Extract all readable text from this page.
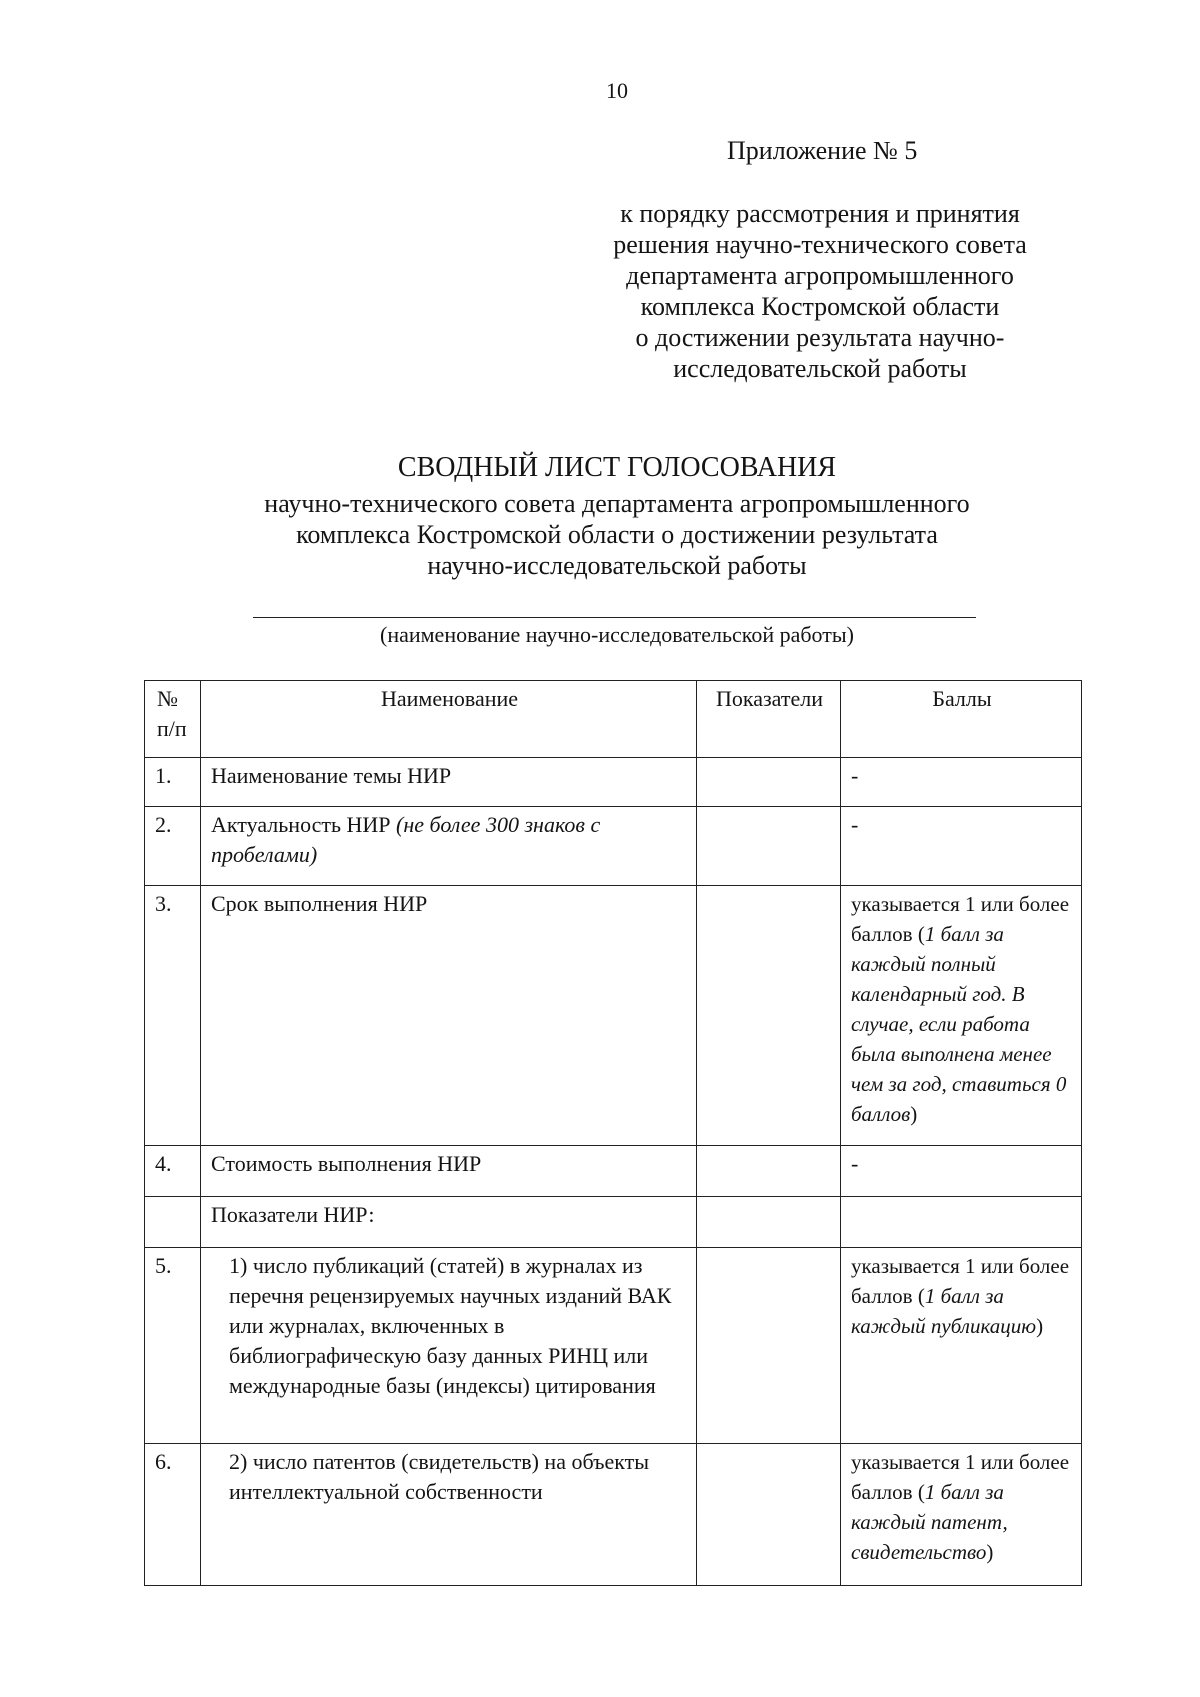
10
Приложение № 5
к порядку рассмотрения и принятия
решения научно-технического совета
департамента агропромышленного
комплекса Костромской области
о достижении результата научно-
исследовательской работы
СВОДНЫЙ ЛИСТ ГОЛОСОВАНИЯ
научно-технического совета департамента агропромышленного
комплекса Костромской области о достижении результата
научно-исследовательской работы
(наименование научно-исследовательской работы)
№ п/п	Наименование	Показатели	Баллы
1.	Наименование темы НИР		-
2.	Актуальность НИР (не более 300 знаков с пробелами)		-
3.	Срок выполнения НИР		указывается 1 или более баллов (1 балл за каждый полный календарный год. В случае, если работа была выполнена менее чем за год, ставиться 0 баллов)
4.	Стоимость выполнения НИР		-
	Показатели НИР:		
5.	1) число публикаций (статей) в журналах из перечня рецензируемых научных изданий ВАК или журналах, включенных в библиографическую базу данных РИНЦ или международные базы (индексы) цитирования		указывается 1 или более баллов (1 балл за каждый публикацию)
6.	2) число патентов (свидетельств) на объекты интеллектуальной собственности		указывается 1 или более баллов (1 балл за каждый патент, свидетельство)
